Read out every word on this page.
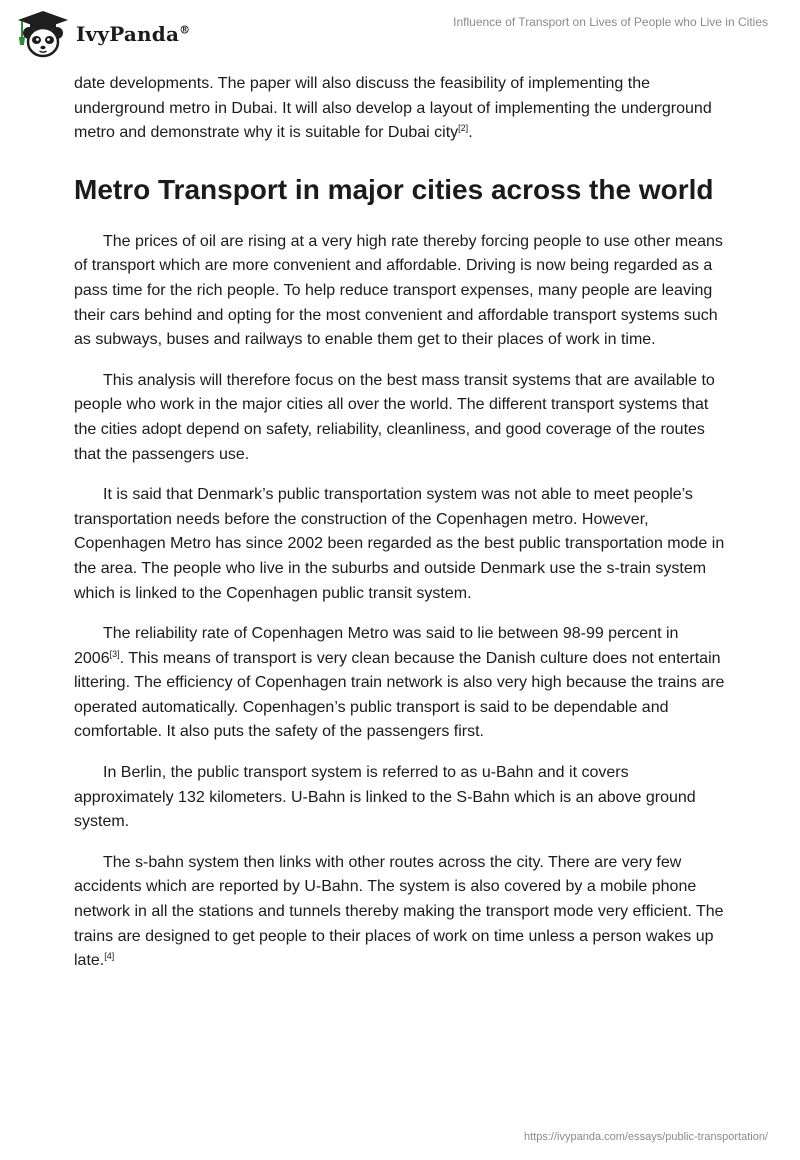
IvyPanda®
Influence of Transport on Lives of People who Live in Cities

date developments. The paper will also discuss the feasibility of implementing the underground metro in Dubai. It will also develop a layout of implementing the underground metro and demonstrate why it is suitable for Dubai city[2].

Metro Transport in major cities across the world

The prices of oil are rising at a very high rate thereby forcing people to use other means of transport which are more convenient and affordable. Driving is now being regarded as a pass time for the rich people. To help reduce transport expenses, many people are leaving their cars behind and opting for the most convenient and affordable transport systems such as subways, buses and railways to enable them get to their places of work in time.

This analysis will therefore focus on the best mass transit systems that are available to people who work in the major cities all over the world. The different transport systems that the cities adopt depend on safety, reliability, cleanliness, and good coverage of the routes that the passengers use.

It is said that Denmark’s public transportation system was not able to meet people’s transportation needs before the construction of the Copenhagen metro. However, Copenhagen Metro has since 2002 been regarded as the best public transportation mode in the area. The people who live in the suburbs and outside Denmark use the s-train system which is linked to the Copenhagen public transit system.

The reliability rate of Copenhagen Metro was said to lie between 98-99 percent in 2006[3]. This means of transport is very clean because the Danish culture does not entertain littering. The efficiency of Copenhagen train network is also very high because the trains are operated automatically. Copenhagen’s public transport is said to be dependable and comfortable. It also puts the safety of the passengers first.

In Berlin, the public transport system is referred to as u-Bahn and it covers approximately 132 kilometers. U-Bahn is linked to the S-Bahn which is an above ground system.

The s-bahn system then links with other routes across the city. There are very few accidents which are reported by U-Bahn. The system is also covered by a mobile phone network in all the stations and tunnels thereby making the transport mode very efficient. The trains are designed to get people to their places of work on time unless a person wakes up late.[4]

https://ivypanda.com/essays/public-transportation/
